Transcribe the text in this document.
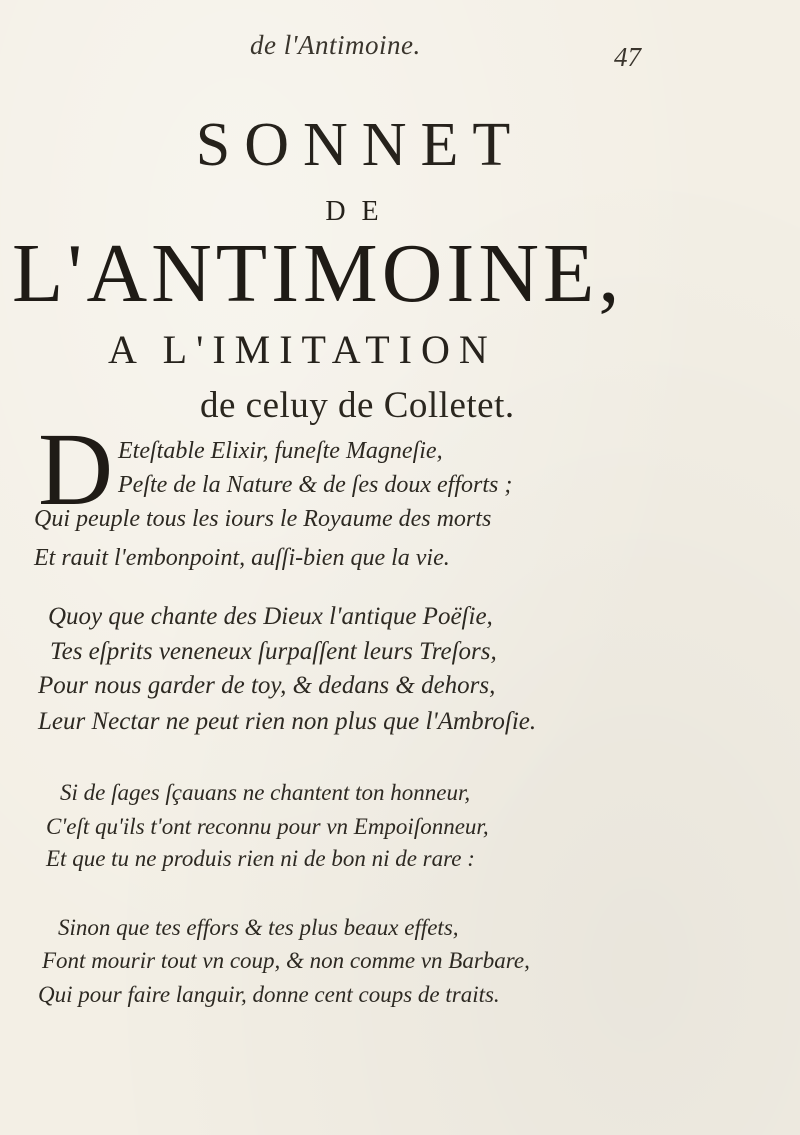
de l'Antimoine.	47
SONNET
DE
L'ANTIMOINE,
A L'IMITATION
de celuy de Colletet.
D Eteſtable Elixir, funeſte Magneſie,
Peſte de la Nature & de ſes doux efforts ;
Qui peuple tous les iours le Royaume des morts
Et rauit l'embonpoint, auſſi-bien que la vie.
Quoy que chante des Dieux l'antique Poëſie,
Tes eſprits veneneux ſurpaſſent leurs Treſors,
Pour nous garder de toy, & dedans & dehors,
Leur Nectar ne peut rien non plus que l'Ambroſie.
Si de ſages ſçauans ne chantent ton honneur,
C'eſt qu'ils t'ont reconnu pour vn Empoiſonneur,
Et que tu ne produis rien ni de bon ni de rare :
Sinon que tes effors & tes plus beaux effets,
Font mourir tout vn coup, & non comme vn Barbare,
Qui pour faire languir, donne cent coups de traits.
